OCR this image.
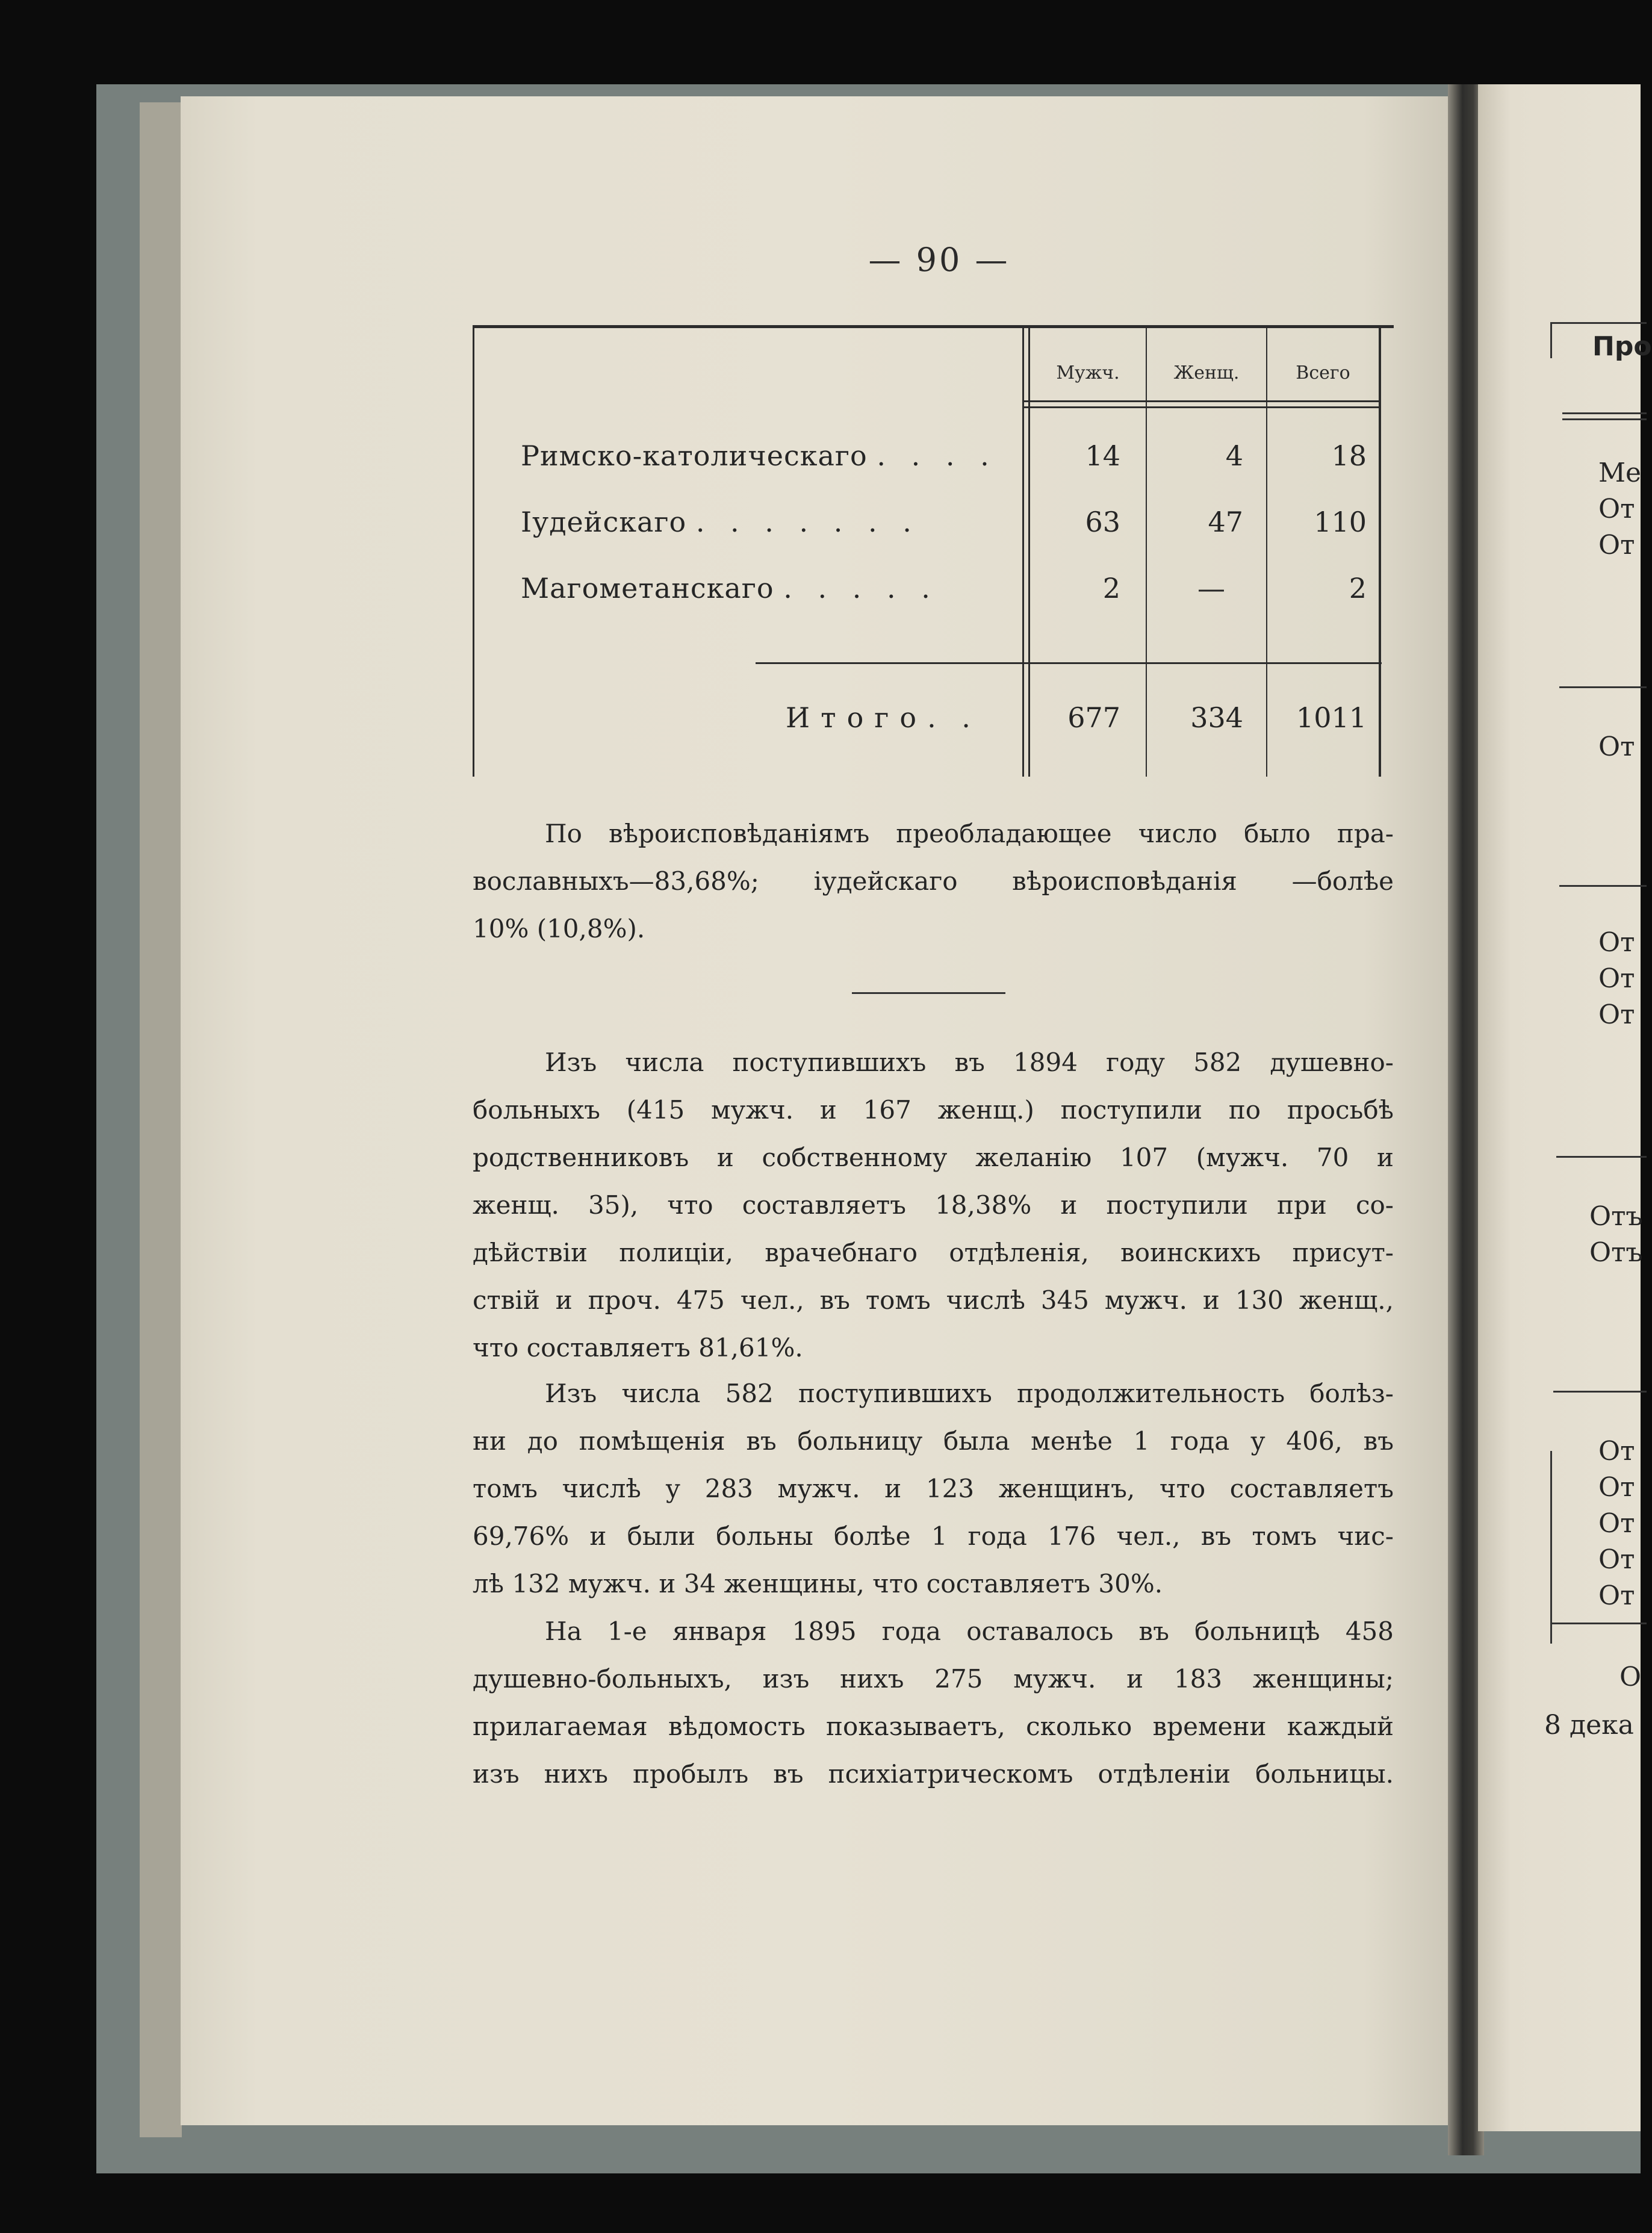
— 90 —
Мужч.	Женщ.	Всего
Римско-католическаго . . . .	14	4	18
Іудейскаго . . . . . . .	63	47	110
Магометанскаго . . . . .	2	—	2
Итого. .	677	334	1011
По вѣроисповѣданіямъ преобладающее число было пра-
вославныхъ—83,68%; іудейскаго вѣроисповѣданія —болѣе
10% (10,8%).
Изъ числа поступившихъ въ 1894 году 582 душевно-
больныхъ (415 мужч. и 167 женщ.) поступили по просьбѣ
родственниковъ и собственному желанію 107 (мужч. 70 и
женщ. 35), что составляетъ 18,38% и поступили при со-
дѣйствіи полиціи, врачебнаго отдѣленія, воинскихъ присут-
ствій и проч. 475 чел., въ томъ числѣ 345 мужч. и 130 женщ.,
что составляетъ 81,61%.
Изъ числа 582 поступившихъ продолжительность болѣз-
ни до помѣщенія въ больницу была менѣе 1 года у 406, въ
томъ числѣ у 283 мужч. и 123 женщинъ, что составляетъ
69,76% и были больны болѣе 1 года 176 чел., въ томъ чис-
лѣ 132 мужч. и 34 женщины, что составляетъ 30%.
На 1-е января 1895 года оставалось въ больницѣ 458
душевно-больныхъ, изъ нихъ 275 мужч. и 183 женщины;
прилагаемая вѣдомость показываетъ, сколько времени каждый
изъ нихъ пробылъ въ психіатрическомъ отдѣленіи больницы.
Про
Ме
От
От
От
От
От
От
Отъ
Отъ
От
От
От
От
От
О
8 дека
